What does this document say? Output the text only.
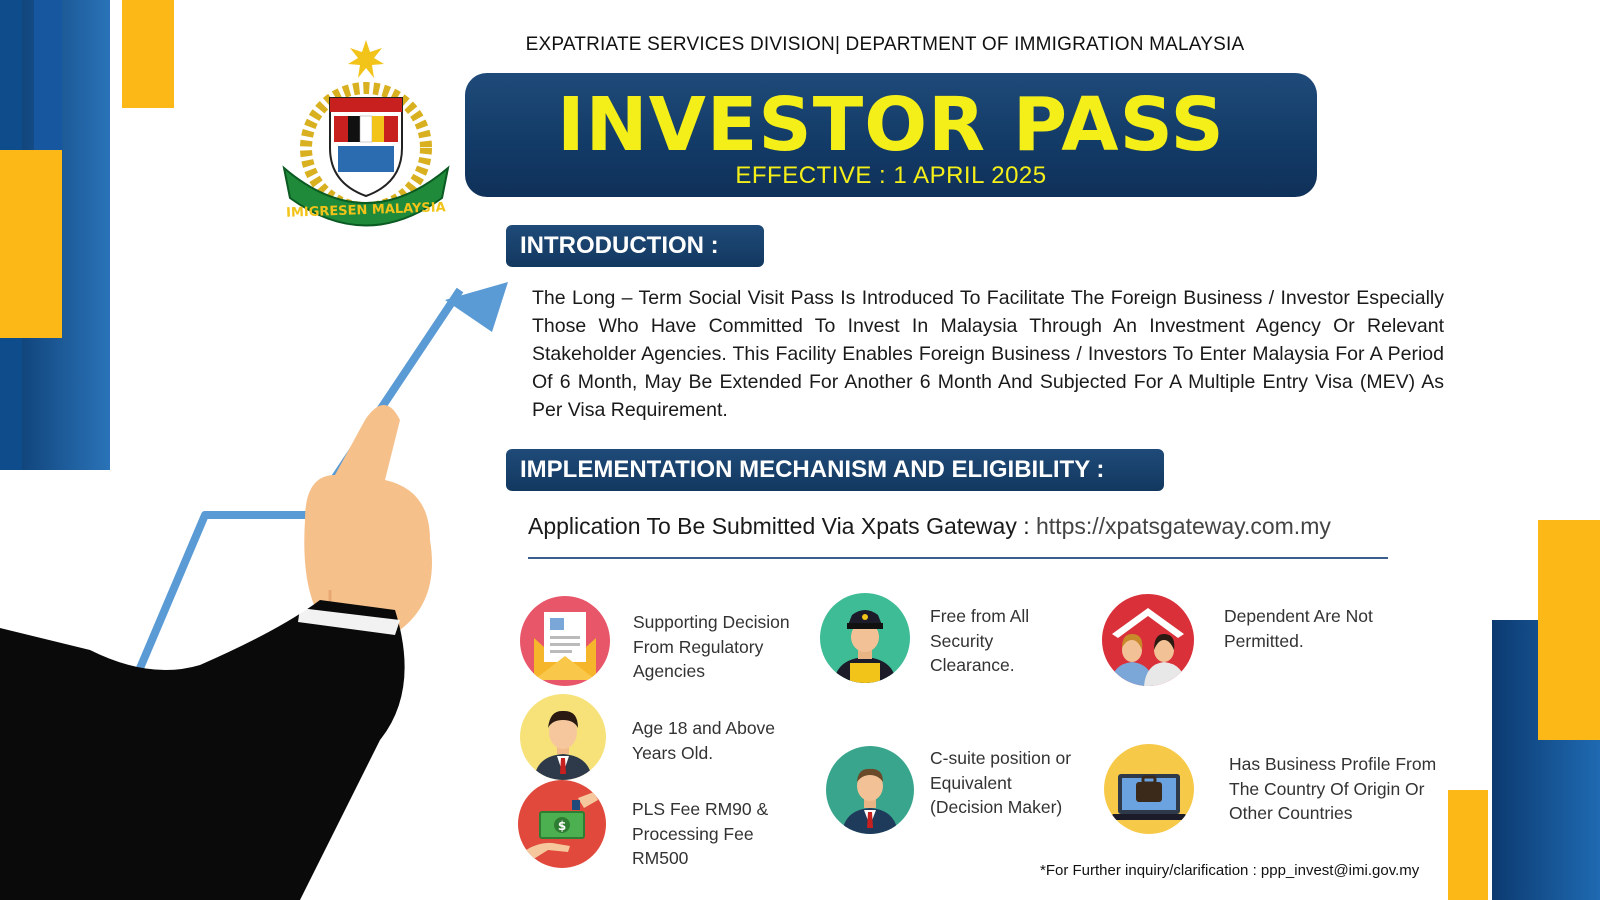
IMIGRESEN MALAYSIA
EXPATRIATE SERVICES DIVISION| DEPARTMENT OF IMMIGRATION MALAYSIA
INVESTOR PASS
EFFECTIVE : 1 APRIL 2025
INTRODUCTION :
The Long – Term Social Visit Pass Is Introduced To Facilitate The Foreign Business / Investor Especially Those Who Have Committed To Invest In Malaysia Through An Investment Agency Or Relevant Stakeholder Agencies. This Facility Enables Foreign Business / Investors To Enter Malaysia For A Period Of 6 Month, May Be Extended For Another 6 Month And Subjected For A Multiple Entry Visa (MEV) As Per Visa Requirement.
IMPLEMENTATION MECHANISM AND ELIGIBILITY :
Application To Be Submitted Via Xpats Gateway : https://xpatsgateway.com.my
Supporting Decision From Regulatory Agencies
Age 18 and Above Years Old.
$
PLS Fee RM90 & Processing Fee RM500
Free from All Security Clearance.
C-suite position or Equivalent (Decision Maker)
Dependent Are Not Permitted.
Has Business Profile From The Country Of Origin Or Other Countries
*For Further inquiry/clarification : ppp_invest@imi.gov.my
